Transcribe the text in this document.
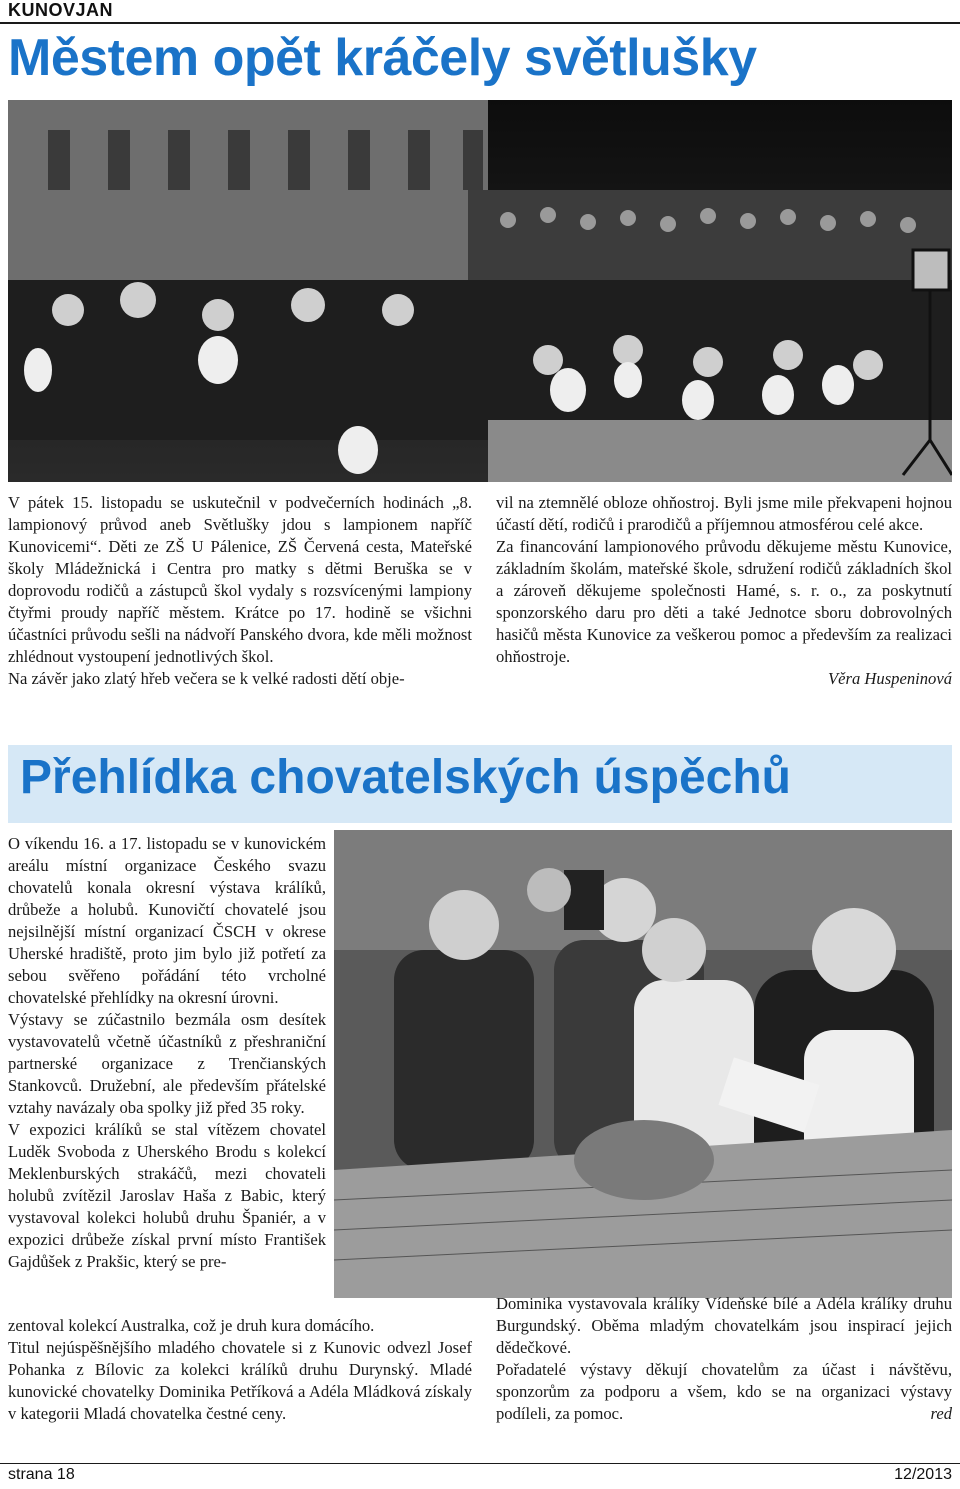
KUNOVJAN
Městem opět kráčely světlušky

V pátek 15. listopadu se uskutečnil v podvečerních hodinách „8. lampionový průvod aneb Světlušky jdou s lampionem napříč Kunovicemi“. Děti ze ZŠ U Pálenice, ZŠ Červená cesta, Mateřské školy Mládežnická i Centra pro matky s dětmi Beruška se v doprovodu rodičů a zástupců škol vydaly s rozsvícenými lampiony čtyřmi proudy napříč městem. Krátce po 17. hodině se všichni účastníci průvodu sešli na nádvoří Panského dvora, kde měli možnost zhlédnout vystoupení jednotlivých škol.

Na závěr jako zlatý hřeb večera se k velké radosti dětí obje-

vil na ztemnělé obloze ohňostroj. Byli jsme mile překvapeni hojnou účastí dětí, rodičů i prarodičů a příjemnou atmosférou celé akce.

Za financování lampionového průvodu děkujeme městu Kunovice, základním školám, mateřské škole, sdružení rodičů základních škol a zároveň děkujeme společnosti Hamé, s. r. o., za poskytnutí sponzorského daru pro děti a také Jednotce sboru dobrovolných hasičů města Kunovice za veškerou pomoc a především za realizaci ohňostroje.

Věra Huspeninová

Přehlídka chovatelských úspěchů

O víkendu 16. a 17. listopadu se v kunovickém areálu místní organizace Českého svazu chovatelů konala okresní výstava králíků, drůbeže a holubů. Kunovičtí chovatelé jsou nejsilnější místní organizací ČSCH v okrese Uherské hradiště, proto jim bylo již potřetí za sebou svěřeno pořádání této vrcholné chovatelské přehlídky na okresní úrovni.

Výstavy se zúčastnilo bezmála osm desítek vystavovatelů včetně účastníků z přeshraniční partnerské organizace z Trenčianských Stankovců. Družební, ale především přátelské vztahy navázaly oba spolky již před 35 roky.

V expozici králíků se stal vítězem chovatel Luděk Svoboda z Uherského Brodu s kolekcí Meklenburských strakáčů, mezi chovateli holubů zvítězil Jaroslav Haša z Babic, který vystavoval kolekci holubů druhu Španiér, a v expozici drůbeže získal první místo František Gajdůšek z Prakšic, který se pre-

zentoval kolekcí Australka, což je druh kura domácího.

Titul nejúspěšnějšího mladého chovatele si z Kunovic odvezl Josef Pohanka z Bílovic za kolekci králíků druhu Durynský. Mladé kunovické chovatelky Dominika Petříková a Adéla Mládková získaly v kategorii Mladá chovatelka čestné ceny.

Dominika vystavovala králíky Vídeňské bílé a Adéla králíky druhu Burgundský. Oběma mladým chovatelkám jsou inspirací jejich dědečkové.

Pořadatelé výstavy děkují chovatelům za účast i návštěvu, sponzorům za podporu a všem, kdo se na organizaci výstavy podíleli, za pomoc.	red

strana 18	12/2013
